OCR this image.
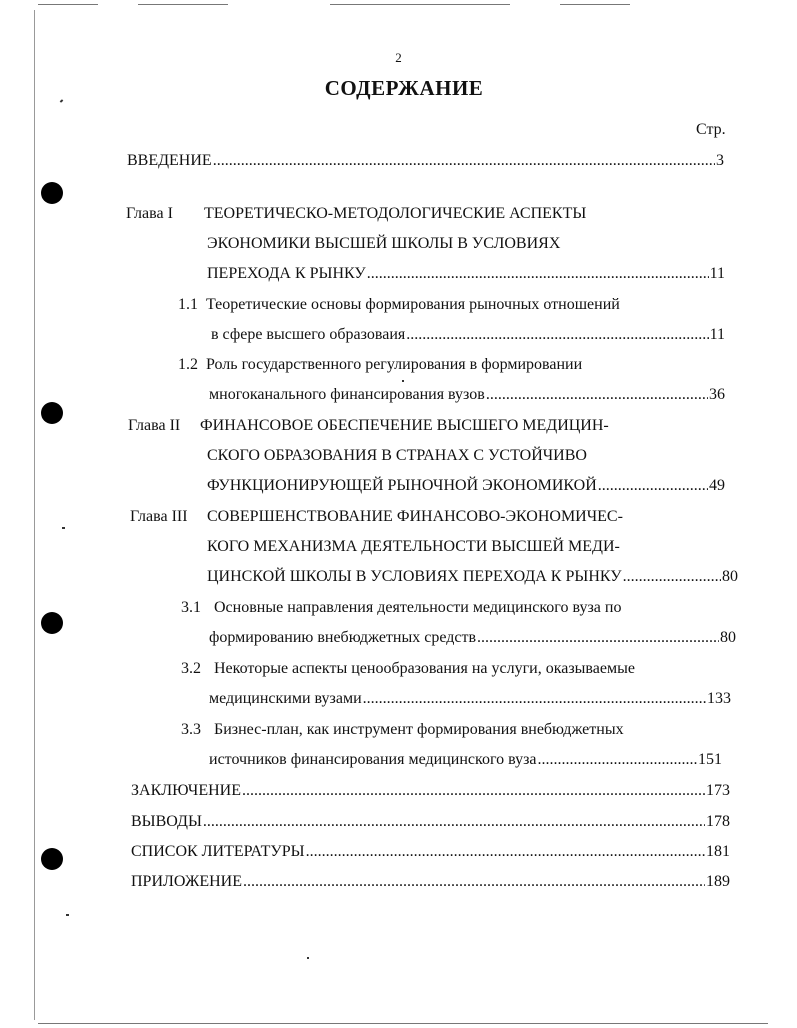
2
СОДЕРЖАНИЕ
Стр.
ВВЕДЕНИЕ .....	3
Глава I ТЕОРЕТИЧЕСКО-МЕТОДОЛОГИЧЕСКИЕ АСПЕКТЫ
ЭКОНОМИКИ ВЫСШЕЙ ШКОЛЫ В УСЛОВИЯХ
ПЕРЕХОДА К РЫНКУ .....	11
1.1 Теоретические основы формирования рыночных отношений
в сфере высшего образоваия .....	11
1.2 Роль государственного регулирования в формировании
многоканального финансирования вузов .....	36
Глава II ФИНАНСОВОЕ ОБЕСПЕЧЕНИЕ ВЫСШЕГО МЕДИЦИН-
СКОГО ОБРАЗОВАНИЯ В СТРАНАХ С УСТОЙЧИВО
ФУНКЦИОНИРУЮЩЕЙ РЫНОЧНОЙ ЭКОНОМИКОЙ .....	49
Глава III СОВЕРШЕНСТВОВАНИЕ ФИНАНСОВО-ЭКОНОМИЧЕС-
КОГО МЕХАНИЗМА ДЕЯТЕЛЬНОСТИ ВЫСШЕЙ МЕДИ-
ЦИНСКОЙ ШКОЛЫ В УСЛОВИЯХ ПЕРЕХОДА К РЫНКУ .....	80
3.1 Основные направления деятельности медицинского вуза по
формированию внебюджетных средств .....	80
3.2 Некоторые аспекты ценообразования на услуги, оказываемые
медицинскими вузами .....	133
3.3 Бизнес-план, как инструмент формирования внебюджетных
источников финансирования медицинского вуза .....	151
ЗАКЛЮЧЕНИЕ .....	173
ВЫВОДЫ .....	178
СПИСОК ЛИТЕРАТУРЫ .....	181
ПРИЛОЖЕНИЕ .....	189
